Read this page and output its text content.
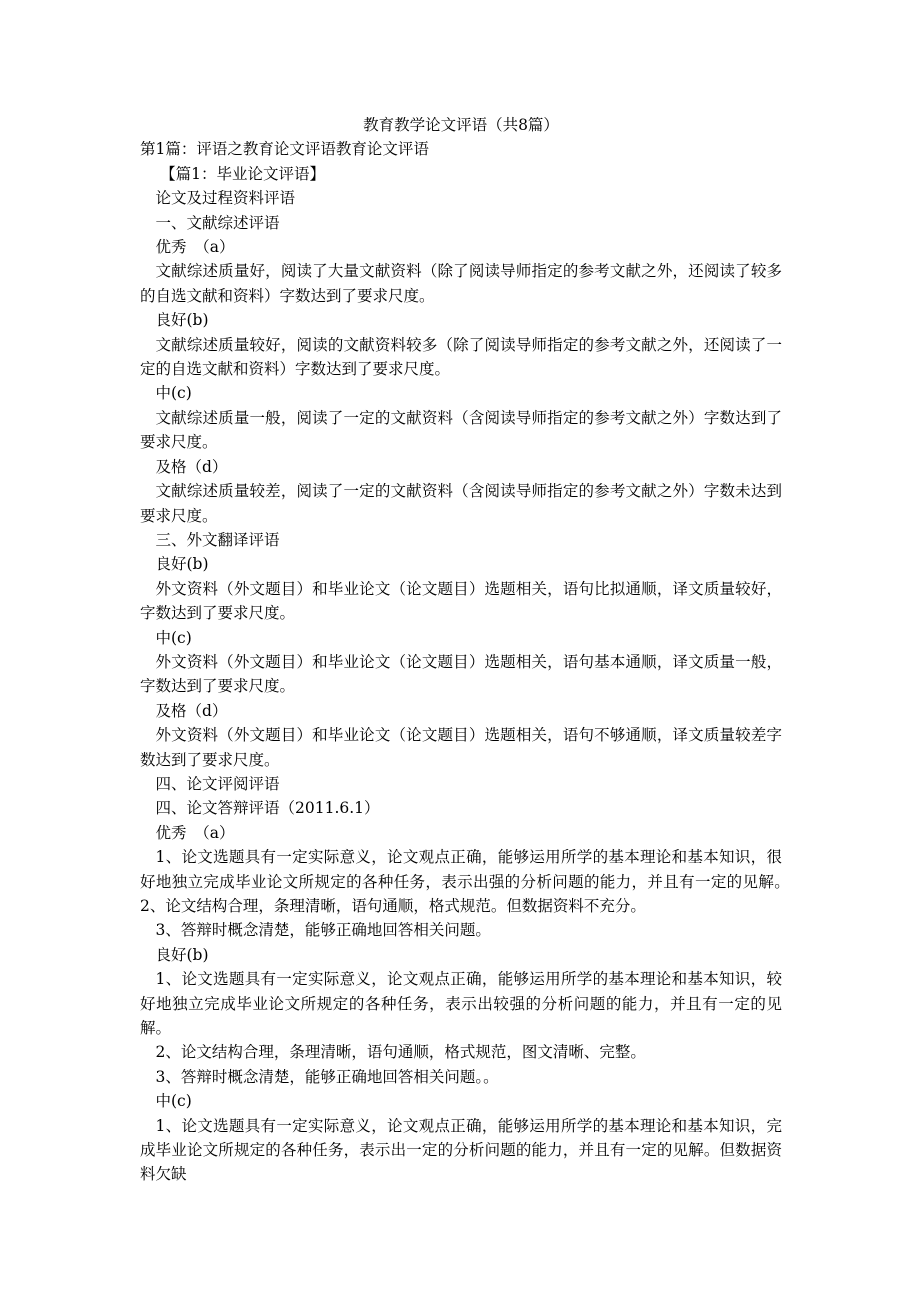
教育教学论文评语（共8篇）

第1篇：评语之教育论文评语教育论文评语

【篇1：毕业论文评语】

论文及过程资料评语

一、文献综述评语

优秀　（a）

文献综述质量好，阅读了大量文献资料（除了阅读导师指定的参考文献之外，还阅读了较多的自选文献和资料）字数达到了要求尺度。

良好(b)

文献综述质量较好，阅读的文献资料较多（除了阅读导师指定的参考文献之外，还阅读了一定的自选文献和资料）字数达到了要求尺度。

中(c)

文献综述质量一般，阅读了一定的文献资料（含阅读导师指定的参考文献之外）字数达到了要求尺度。

及格（d）

文献综述质量较差，阅读了一定的文献资料（含阅读导师指定的参考文献之外）字数未达到要求尺度。

三、外文翻译评语

良好(b)

外文资料（外文题目）和毕业论文（论文题目）选题相关，语句比拟通顺，译文质量较好，字数达到了要求尺度。

中(c)

外文资料（外文题目）和毕业论文（论文题目）选题相关，语句基本通顺，译文质量一般，字数达到了要求尺度。

及格（d）

外文资料（外文题目）和毕业论文（论文题目）选题相关，语句不够通顺，译文质量较差字数达到了要求尺度。

四、论文评阅评语

四、论文答辩评语（2011.6.1）

优秀　（a）

1、论文选题具有一定实际意义，论文观点正确，能够运用所学的基本理论和基本知识，很好地独立完成毕业论文所规定的各种任务，表示出强的分析问题的能力，并且有一定的见解。　2、论文结构合理，条理清晰，语句通顺，格式规范。但数据资料不充分。

3、答辩时概念清楚，能够正确地回答相关问题。

良好(b)

1、论文选题具有一定实际意义，论文观点正确，能够运用所学的基本理论和基本知识，较好地独立完成毕业论文所规定的各种任务，表示出较强的分析问题的能力，并且有一定的见解。

2、论文结构合理，条理清晰，语句通顺，格式规范，图文清晰、完整。

3、答辩时概念清楚，能够正确地回答相关问题。。

中(c)

1、论文选题具有一定实际意义，论文观点正确，能够运用所学的基本理论和基本知识，完成毕业论文所规定的各种任务，表示出一定的分析问题的能力，并且有一定的见解。但数据资料欠缺
